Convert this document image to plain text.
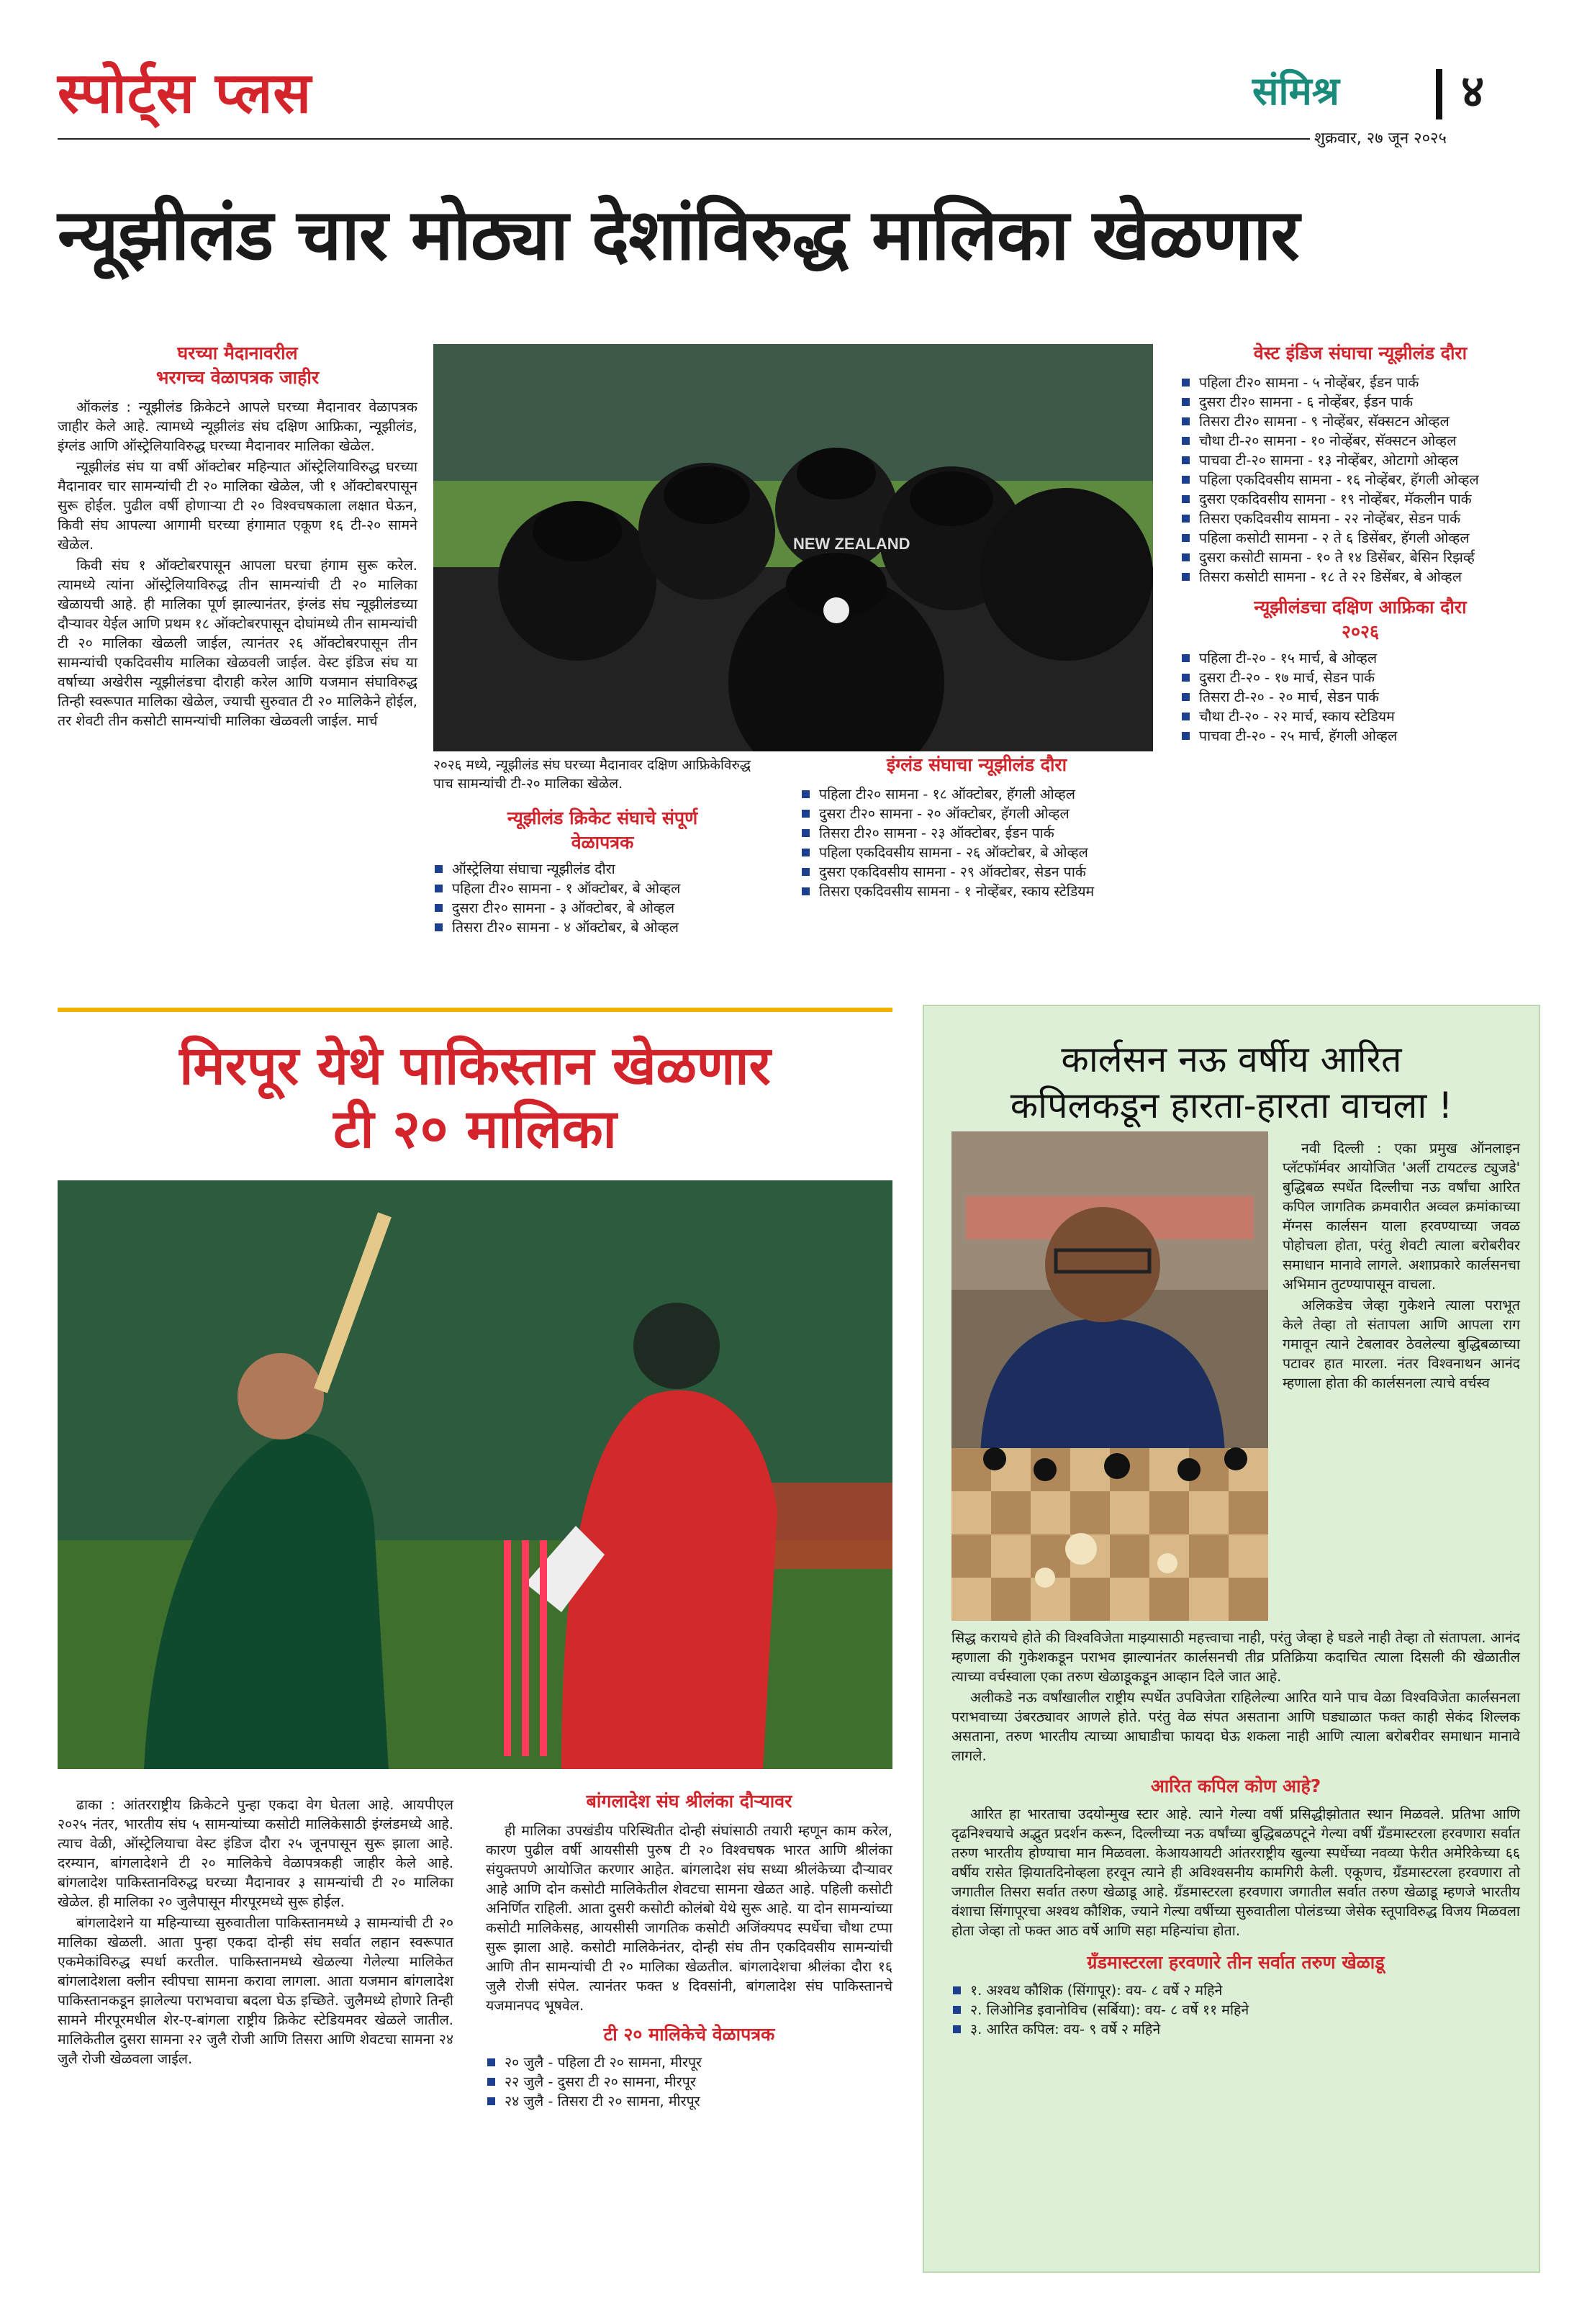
स्पोर्ट्स प्लस	संमिश्र	४
शुक्रवार, २७ जून २०२५
न्यूझीलंड चार मोठ्या देशांविरुद्ध मालिका खेळणार
घरच्या मैदानावरील
भरगच्च वेळापत्रक जाहीर

ऑकलंड : न्यूझीलंड क्रिकेटने आपले घरच्या मैदानावर वेळापत्रक जाहीर केले आहे. त्यामध्ये न्यूझीलंड संघ दक्षिण आफ्रिका, न्यूझीलंड, इंग्लंड आणि ऑस्ट्रेलियाविरुद्ध घरच्या मैदानावर मालिका खेळेल.

न्यूझीलंड संघ या वर्षी ऑक्टोबर महिन्यात ऑस्ट्रेलियाविरुद्ध घरच्या मैदानावर चार सामन्यांची टी २० मालिका खेळेल, जी १ ऑक्टोबरपासून सुरू होईल. पुढील वर्षी होणाऱ्या टी २० विश्वचषकाला लक्षात घेऊन, किवी संघ आपल्या आगामी घरच्या हंगामात एकूण १६ टी-२० सामने खेळेल.

किवी संघ १ ऑक्टोबरपासून आपला घरचा हंगाम सुरू करेल. त्यामध्ये त्यांना ऑस्ट्रेलियाविरुद्ध तीन सामन्यांची टी २० मालिका खेळायची आहे. ही मालिका पूर्ण झाल्यानंतर, इंग्लंड संघ न्यूझीलंडच्या दौऱ्यावर येईल आणि प्रथम १८ ऑक्टोबरपासून दोघांमध्ये तीन सामन्यांची टी २० मालिका खेळली जाईल, त्यानंतर २६ ऑक्टोबरपासून तीन सामन्यांची एकदिवसीय मालिका खेळवली जाईल. वेस्ट इंडिज संघ या वर्षाच्या अखेरीस न्यूझीलंडचा दौराही करेल आणि यजमान संघाविरुद्ध तिन्ही स्वरूपात मालिका खेळेल, ज्याची सुरुवात टी २० मालिकेने होईल, तर शेवटी तीन कसोटी सामन्यांची मालिका खेळवली जाईल. मार्च

NEW ZEALAND
२०२६ मध्ये, न्यूझीलंड संघ घरच्या मैदानावर दक्षिण आफ्रिकेविरुद्ध पाच सामन्यांची टी-२० मालिका खेळेल.
न्यूझीलंड क्रिकेट संघाचे संपूर्ण
वेळापत्रक
ऑस्ट्रेलिया संघाचा न्यूझीलंड दौरा
पहिला टी२० सामना - १ ऑक्टोबर, बे ओव्हल
दुसरा टी२० सामना - ३ ऑक्टोबर, बे ओव्हल
तिसरा टी२० सामना - ४ ऑक्टोबर, बे ओव्हल
इंग्लंड संघाचा न्यूझीलंड दौरा
पहिला टी२० सामना - १८ ऑक्टोबर, हॅगली ओव्हल
दुसरा टी२० सामना - २० ऑक्टोबर, हॅगली ओव्हल
तिसरा टी२० सामना - २३ ऑक्टोबर, ईडन पार्क
पहिला एकदिवसीय सामना - २६ ऑक्टोबर, बे ओव्हल
दुसरा एकदिवसीय सामना - २९ ऑक्टोबर, सेडन पार्क
तिसरा एकदिवसीय सामना - १ नोव्हेंबर, स्काय स्टेडियम
वेस्ट इंडिज संघाचा न्यूझीलंड दौरा
पहिला टी२० सामना - ५ नोव्हेंबर, ईडन पार्क
दुसरा टी२० सामना - ६ नोव्हेंबर, ईडन पार्क
तिसरा टी२० सामना - ९ नोव्हेंबर, सॅक्सटन ओव्हल
चौथा टी-२० सामना - १० नोव्हेंबर, सॅक्सटन ओव्हल
पाचवा टी-२० सामना - १३ नोव्हेंबर, ओटागो ओव्हल
पहिला एकदिवसीय सामना - १६ नोव्हेंबर, हॅगली ओव्हल
दुसरा एकदिवसीय सामना - १९ नोव्हेंबर, मॅकलीन पार्क
तिसरा एकदिवसीय सामना - २२ नोव्हेंबर, सेडन पार्क
पहिला कसोटी सामना - २ ते ६ डिसेंबर, हॅगली ओव्हल
दुसरा कसोटी सामना - १० ते १४ डिसेंबर, बेसिन रिझर्व्ह
तिसरा कसोटी सामना - १८ ते २२ डिसेंबर, बे ओव्हल
न्यूझीलंडचा दक्षिण आफ्रिका दौरा
२०२६
पहिला टी-२० - १५ मार्च, बे ओव्हल
दुसरा टी-२० - १७ मार्च, सेडन पार्क
तिसरा टी-२० - २० मार्च, सेडन पार्क
चौथा टी-२० - २२ मार्च, स्काय स्टेडियम
पाचवा टी-२० - २५ मार्च, हॅगली ओव्हल
मिरपूर येथे पाकिस्तान खेळणार
टी २० मालिका

ढाका : आंतरराष्ट्रीय क्रिकेटने पुन्हा एकदा वेग घेतला आहे. आयपीएल २०२५ नंतर, भारतीय संघ ५ सामन्यांच्या कसोटी मालिकेसाठी इंग्लंडमध्ये आहे. त्याच वेळी, ऑस्ट्रेलियाचा वेस्ट इंडिज दौरा २५ जूनपासून सुरू झाला आहे. दरम्यान, बांगलादेशने टी २० मालिकेचे वेळापत्रकही जाहीर केले आहे. बांगलादेश पाकिस्तानविरुद्ध घरच्या मैदानावर ३ सामन्यांची टी २० मालिका खेळेल. ही मालिका २० जुलैपासून मीरपूरमध्ये सुरू होईल.

बांगलादेशने या महिन्याच्या सुरुवातीला पाकिस्तानमध्ये ३ सामन्यांची टी २० मालिका खेळली. आता पुन्हा एकदा दोन्ही संघ सर्वात लहान स्वरूपात एकमेकांविरुद्ध स्पर्धा करतील. पाकिस्तानमध्ये खेळल्या गेलेल्या मालिकेत बांगलादेशला क्लीन स्वीपचा सामना करावा लागला. आता यजमान बांगलादेश पाकिस्तानकडून झालेल्या पराभवाचा बदला घेऊ इच्छिते. जुलैमध्ये होणारे तिन्ही सामने मीरपूरमधील शेर-ए-बांगला राष्ट्रीय क्रिकेट स्टेडियमवर खेळले जातील. मालिकेतील दुसरा सामना २२ जुलै रोजी आणि तिसरा आणि शेवटचा सामना २४ जुलै रोजी खेळवला जाईल.

बांगलादेश संघ श्रीलंका दौऱ्यावर

ही मालिका उपखंडीय परिस्थितीत दोन्ही संघांसाठी तयारी म्हणून काम करेल, कारण पुढील वर्षी आयसीसी पुरुष टी २० विश्वचषक भारत आणि श्रीलंका संयुक्तपणे आयोजित करणार आहेत. बांगलादेश संघ सध्या श्रीलंकेच्या दौऱ्यावर आहे आणि दोन कसोटी मालिकेतील शेवटचा सामना खेळत आहे. पहिली कसोटी अनिर्णित राहिली. आता दुसरी कसोटी कोलंबो येथे सुरू आहे. या दोन सामन्यांच्या कसोटी मालिकेसह, आयसीसी जागतिक कसोटी अजिंक्यपद स्पर्धेचा चौथा टप्पा सुरू झाला आहे. कसोटी मालिकेनंतर, दोन्ही संघ तीन एकदिवसीय सामन्यांची आणि तीन सामन्यांची टी २० मालिका खेळतील. बांगलादेशचा श्रीलंका दौरा १६ जुलै रोजी संपेल. त्यानंतर फक्त ४ दिवसांनी, बांगलादेश संघ पाकिस्तानचे यजमानपद भूषवेल.

टी २० मालिकेचे वेळापत्रक
२० जुलै - पहिला टी २० सामना, मीरपूर
२२ जुलै - दुसरा टी २० सामना, मीरपूर
२४ जुलै - तिसरा टी २० सामना, मीरपूर
कार्लसन नऊ वर्षीय आरित
कपिलकडून हारता-हारता वाचला !

नवी दिल्ली : एका प्रमुख ऑनलाइन प्लॅटफॉर्मवर आयोजित 'अर्ली टायटल्ड ट्युजडे' बुद्धिबळ स्पर्धेत दिल्लीचा नऊ वर्षांचा आरित कपिल जागतिक क्रमवारीत अव्वल क्रमांकाच्या मॅग्नस कार्लसन याला हरवण्याच्या जवळ पोहोचला होता, परंतु शेवटी त्याला बरोबरीवर समाधान मानावे लागले. अशाप्रकारे कार्लसनचा अभिमान तुटण्यापासून वाचला.

अलिकडेच जेव्हा गुकेशने त्याला पराभूत केले तेव्हा तो संतापला आणि आपला राग गमावून त्याने टेबलावर ठेवलेल्या बुद्धिबळाच्या पटावर हात मारला. नंतर विश्वनाथन आनंद म्हणाला होता की कार्लसनला त्याचे वर्चस्व

सिद्ध करायचे होते की विश्वविजेता माझ्यासाठी महत्त्वाचा नाही, परंतु जेव्हा हे घडले नाही तेव्हा तो संतापला. आनंद म्हणाला की गुकेशकडून पराभव झाल्यानंतर कार्लसनची तीव्र प्रतिक्रिया कदाचित त्याला दिसली की खेळातील त्याच्या वर्चस्वाला एका तरुण खेळाडूकडून आव्हान दिले जात आहे.

अलीकडे नऊ वर्षांखालील राष्ट्रीय स्पर्धेत उपविजेता राहिलेल्या आरित याने पाच वेळा विश्वविजेता कार्लसनला पराभवाच्या उंबरठ्यावर आणले होते. परंतु वेळ संपत असताना आणि घड्याळात फक्त काही सेकंद शिल्लक असताना, तरुण भारतीय त्याच्या आघाडीचा फायदा घेऊ शकला नाही आणि त्याला बरोबरीवर समाधान मानावे लागले.

आरित कपिल कोण आहे?

आरित हा भारताचा उदयोन्मुख स्टार आहे. त्याने गेल्या वर्षी प्रसिद्धीझोतात स्थान मिळवले. प्रतिभा आणि दृढनिश्चयाचे अद्भुत प्रदर्शन करून, दिल्लीच्या नऊ वर्षांच्या बुद्धिबळपटूने गेल्या वर्षी ग्रँडमास्टरला हरवणारा सर्वात तरुण भारतीय होण्याचा मान मिळवला. केआयआयटी आंतरराष्ट्रीय खुल्या स्पर्धेच्या नवव्या फेरीत अमेरिकेच्या ६६ वर्षीय रासेत झियातदिनोव्हला हरवून त्याने ही अविश्वसनीय कामगिरी केली. एकूणच, ग्रँडमास्टरला हरवणारा तो जगातील तिसरा सर्वात तरुण खेळाडू आहे. ग्रँडमास्टरला हरवणारा जगातील सर्वात तरुण खेळाडू म्हणजे भारतीय वंशाचा सिंगापूरचा अश्वथ कौशिक, ज्याने गेल्या वर्षीच्या सुरुवातीला पोलंडच्या जेसेक स्तूपाविरुद्ध विजय मिळवला होता जेव्हा तो फक्त आठ वर्षे आणि सहा महिन्यांचा होता.

ग्रँडमास्टरला हरवणारे तीन सर्वात तरुण खेळाडू
१. अश्वथ कौशिक (सिंगापूर): वय- ८ वर्षे २ महिने
२. लिओनिड इवानोविच (सर्बिया): वय- ८ वर्षे ११ महिने
३. आरित कपिल: वय- ९ वर्षे २ महिने
